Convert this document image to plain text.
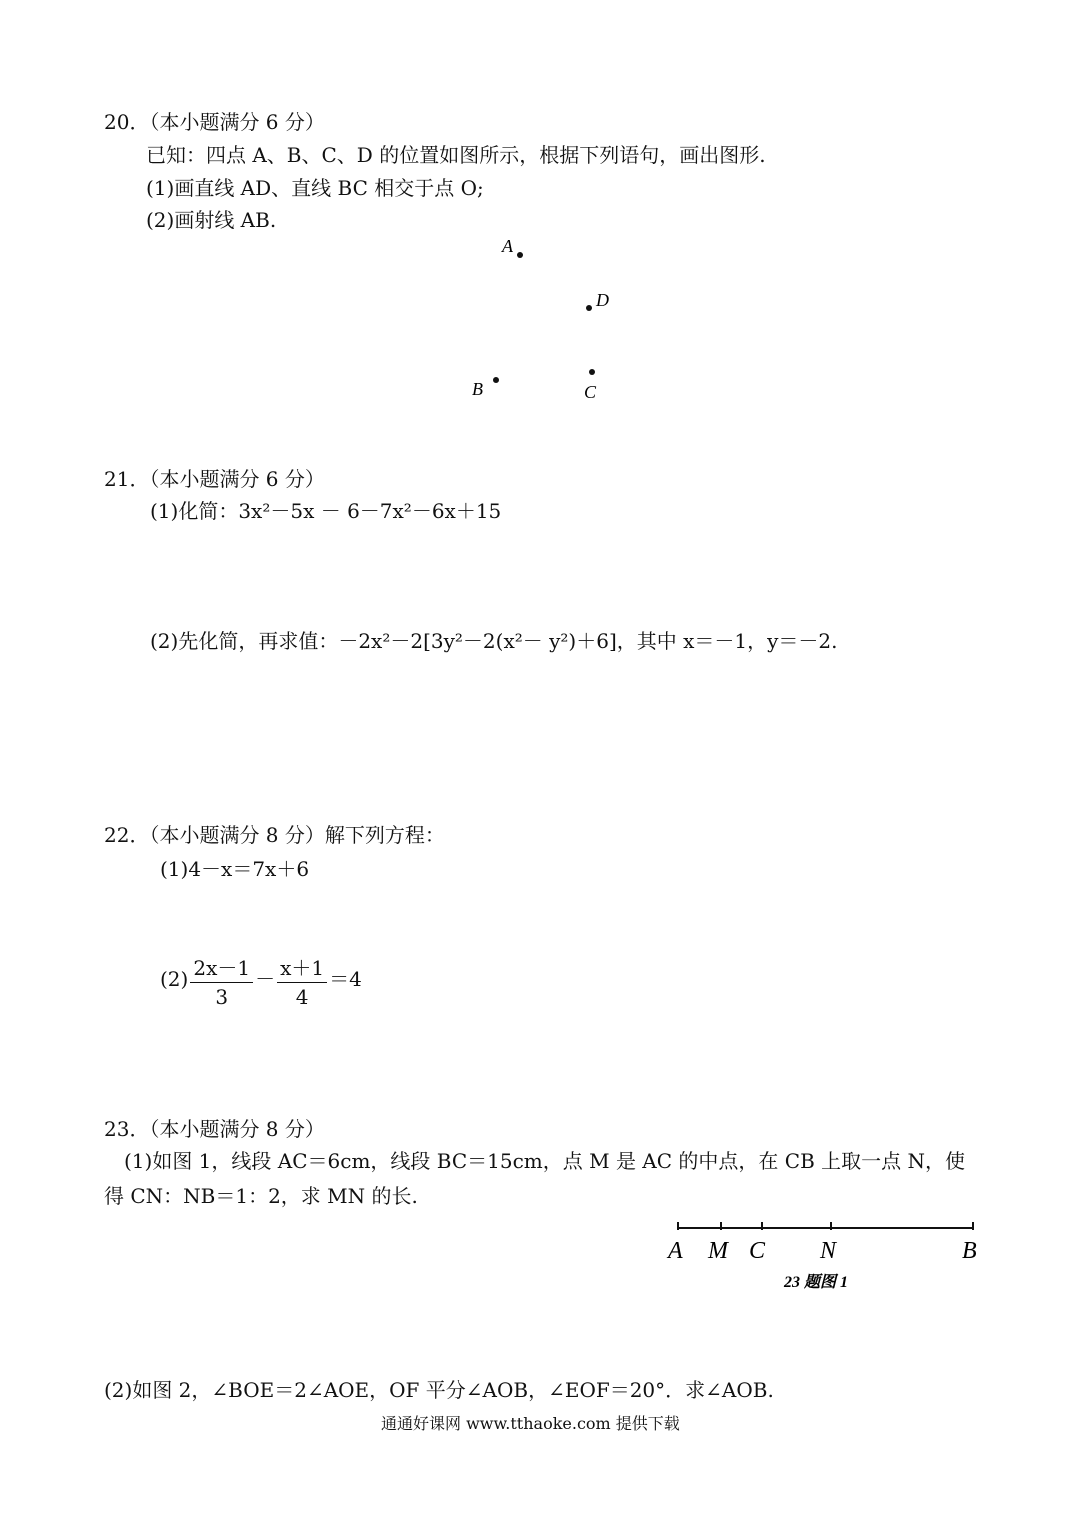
20．（本小题满分 6 分）
已知：四点 A、B、C、D 的位置如图所示，根据下列语句，画出图形.
(1)画直线 AD、直线 BC 相交于点 O;
(2)画射线 AB.
A
D
B	C
21．（本小题满分 6 分）
(1)化简：3x²－5x － 6－7x²－6x＋15
(2)先化简，再求值：－2x²－2[3y²－2(x²－ y²)＋6]，其中 x＝－1，y＝－2.
22．（本小题满分 8 分）解下列方程：
(1)4－x＝7x＋6
$(2) \frac{2x-1}{3} - \frac{x+1}{4} =4$
23．（本小题满分 8 分）
(1)如图 1，线段 AC＝6cm，线段 BC＝15cm，点 M 是 AC 的中点，在 CB 上取一点 N，使
得 CN：NB＝1：2，求 MN 的长.
A M C N	B
23 题图 1
(2)如图 2，∠BOE＝2∠AOE，OF 平分∠AOB，∠EOF＝20°．求∠AOB.
通通好课网 www.tthaoke.com 提供下载
